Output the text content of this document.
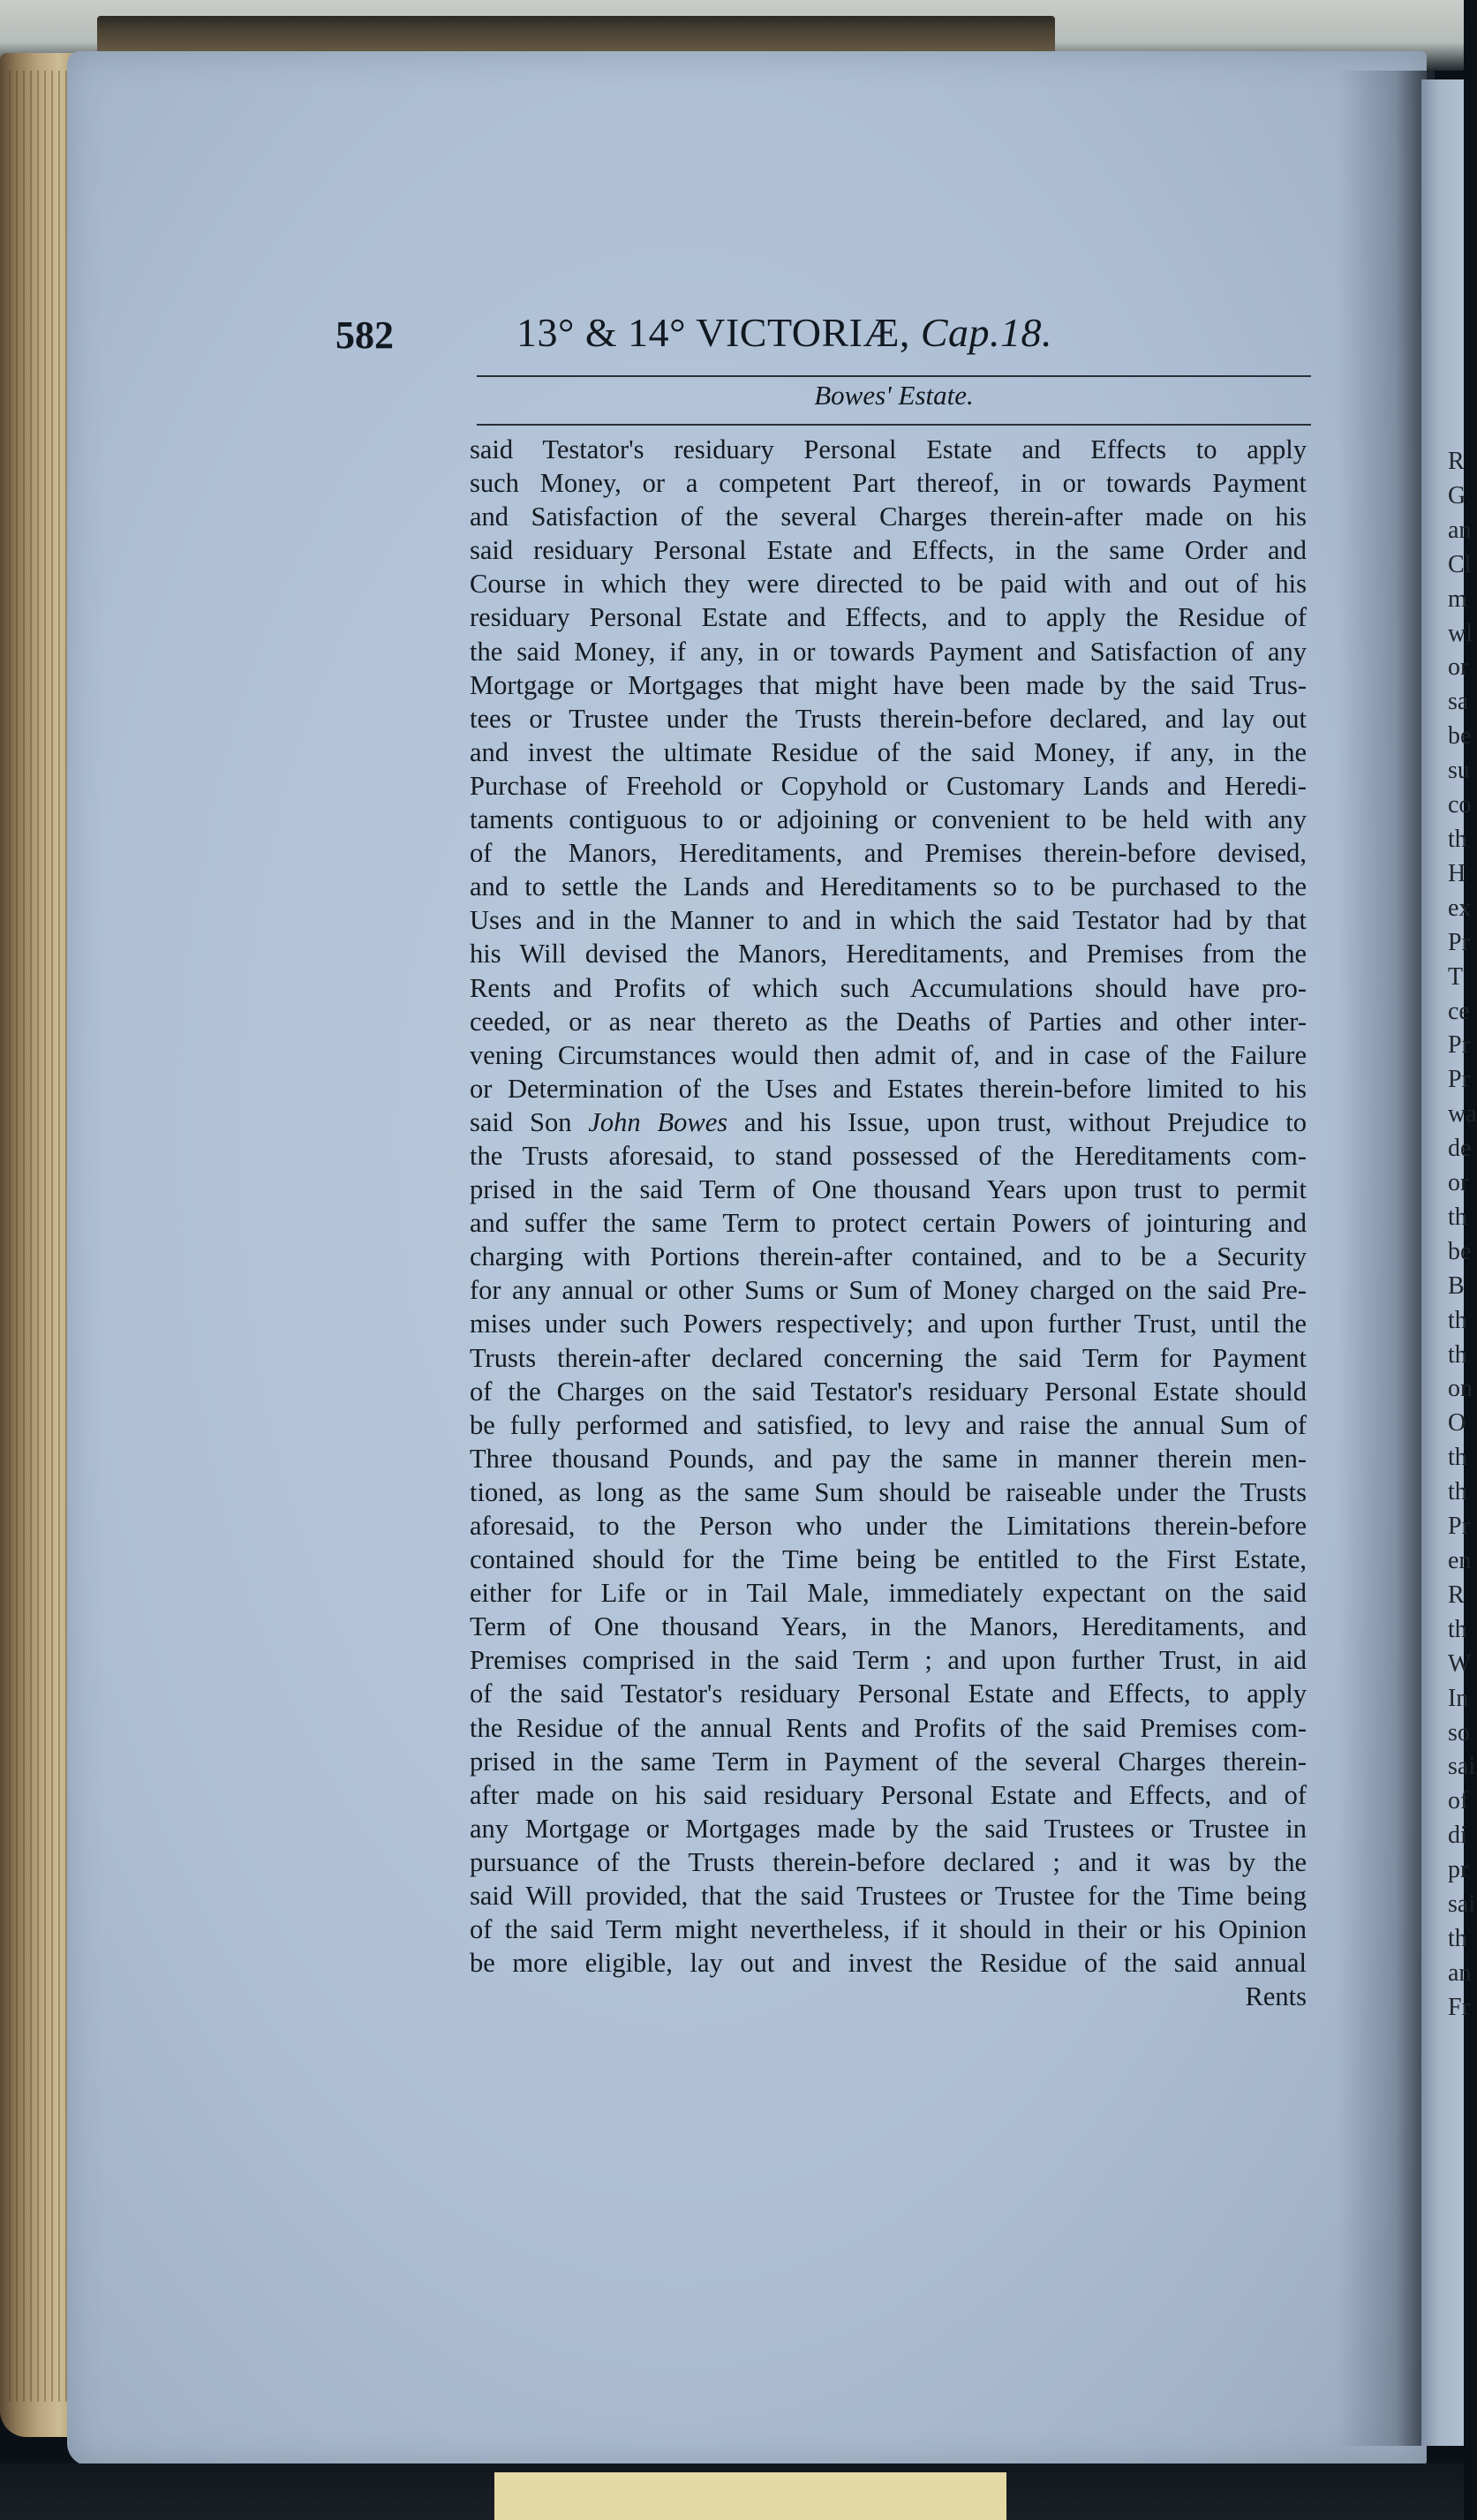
R
G
an
Cl
m
wl
or
sa
be
su
co
th
H
ex
Pr
T
ce
Pr
Pr
wa
de
or
th
be
B
th
th
on
O
th
th
Pr
en
R
th
W
In
so
sai
of
di
pr
sai
th
an
Fr
582	13° & 14° VICTORIÆ, Cap.18.
Bowes' Estate.
said Testator's residuary Personal Estate and Effects to apply
such Money, or a competent Part thereof, in or towards Payment
and Satisfaction of the several Charges therein-after made on his
said residuary Personal Estate and Effects, in the same Order and
Course in which they were directed to be paid with and out of his
residuary Personal Estate and Effects, and to apply the Residue of
the said Money, if any, in or towards Payment and Satisfaction of any
Mortgage or Mortgages that might have been made by the said Trus-
tees or Trustee under the Trusts therein-before declared, and lay out
and invest the ultimate Residue of the said Money, if any, in the
Purchase of Freehold or Copyhold or Customary Lands and Heredi-
taments contiguous to or adjoining or convenient to be held with any
of the Manors, Hereditaments, and Premises therein-before devised,
and to settle the Lands and Hereditaments so to be purchased to the
Uses and in the Manner to and in which the said Testator had by that
his Will devised the Manors, Hereditaments, and Premises from the
Rents and Profits of which such Accumulations should have pro-
ceeded, or as near thereto as the Deaths of Parties and other inter-
vening Circumstances would then admit of, and in case of the Failure
or Determination of the Uses and Estates therein-before limited to his
said Son John Bowes and his Issue, upon trust, without Prejudice to
the Trusts aforesaid, to stand possessed of the Hereditaments com-
prised in the said Term of One thousand Years upon trust to permit
and suffer the same Term to protect certain Powers of jointuring and
charging with Portions therein-after contained, and to be a Security
for any annual or other Sums or Sum of Money charged on the said Pre-
mises under such Powers respectively; and upon further Trust, until the
Trusts therein-after declared concerning the said Term for Payment
of the Charges on the said Testator's residuary Personal Estate should
be fully performed and satisfied, to levy and raise the annual Sum of
Three thousand Pounds, and pay the same in manner therein men-
tioned, as long as the same Sum should be raiseable under the Trusts
aforesaid, to the Person who under the Limitations therein-before
contained should for the Time being be entitled to the First Estate,
either for Life or in Tail Male, immediately expectant on the said
Term of One thousand Years, in the Manors, Hereditaments, and
Premises comprised in the said Term ; and upon further Trust, in aid
of the said Testator's residuary Personal Estate and Effects, to apply
the Residue of the annual Rents and Profits of the said Premises com-
prised in the same Term in Payment of the several Charges therein-
after made on his said residuary Personal Estate and Effects, and of
any Mortgage or Mortgages made by the said Trustees or Trustee in
pursuance of the Trusts therein-before declared ; and it was by the
said Will provided, that the said Trustees or Trustee for the Time being
of the said Term might nevertheless, if it should in their or his Opinion
be more eligible, lay out and invest the Residue of the said annual
Rents
